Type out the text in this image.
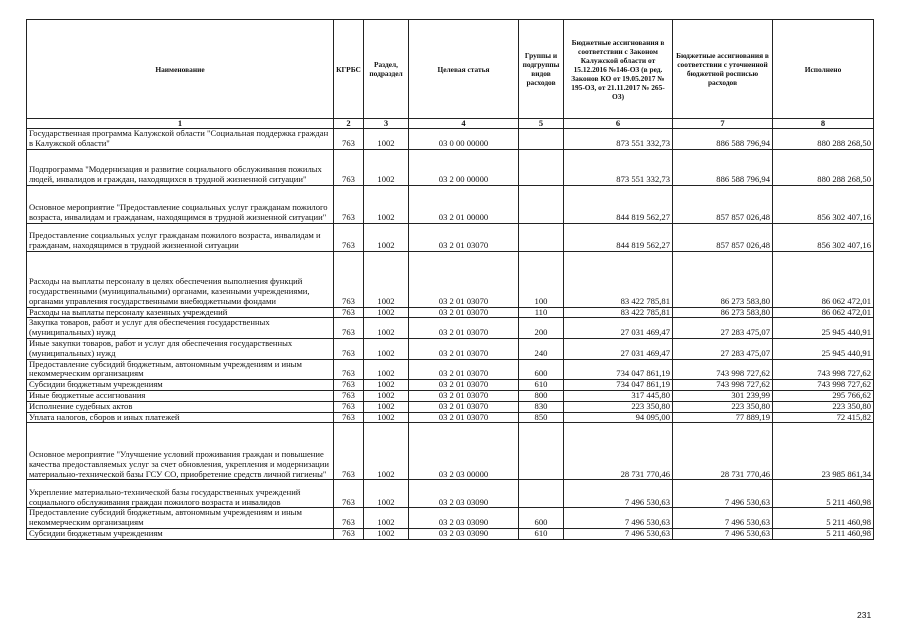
Наименование	КГРБС	Раздел, подраздел	Целевая статья	Группы и подгруппы видов расходов	Бюджетные ассигнования в соответствии с Законом Калужской области от 15.12.2016 №146-ОЗ (в ред. Законов КО от 19.05.2017 № 195-ОЗ, от 21.11.2017 № 265-ОЗ)	Бюджетные ассигнования в соответствии с уточненной бюджетной росписью расходов	Исполнено
1	2	3	4	5	6	7	8
Государственная программа Калужской области "Социальная поддержка граждан в Калужской области"	763	1002	03 0 00 00000		873 551 332,73	886 588 796,94	880 288 268,50
Подпрограмма "Модернизация и развитие социального обслуживания пожилых людей, инвалидов и граждан, находящихся в трудной жизненной ситуации"	763	1002	03 2 00 00000		873 551 332,73	886 588 796,94	880 288 268,50
Основное мероприятие "Предоставление социальных услуг гражданам пожилого возраста, инвалидам и гражданам, находящимся в трудной жизненной ситуации"	763	1002	03 2 01 00000		844 819 562,27	857 857 026,48	856 302 407,16
Предоставление социальных услуг гражданам пожилого возраста, инвалидам и гражданам, находящимся в трудной жизненной ситуации	763	1002	03 2 01 03070		844 819 562,27	857 857 026,48	856 302 407,16
Расходы на выплаты персоналу в целях обеспечения выполнения функций государственными (муниципальными) органами, казенными учреждениями, органами управления государственными внебюджетными фондами	763	1002	03 2 01 03070	100	83 422 785,81	86 273 583,80	86 062 472,01
Расходы на выплаты персоналу казенных учреждений	763	1002	03 2 01 03070	110	83 422 785,81	86 273 583,80	86 062 472,01
Закупка товаров, работ и услуг для обеспечения государственных (муниципальных) нужд	763	1002	03 2 01 03070	200	27 031 469,47	27 283 475,07	25 945 440,91
Иные закупки товаров, работ и услуг для обеспечения государственных (муниципальных) нужд	763	1002	03 2 01 03070	240	27 031 469,47	27 283 475,07	25 945 440,91
Предоставление субсидий бюджетным, автономным учреждениям и иным некоммерческим организациям	763	1002	03 2 01 03070	600	734 047 861,19	743 998 727,62	743 998 727,62
Субсидии бюджетным учреждениям	763	1002	03 2 01 03070	610	734 047 861,19	743 998 727,62	743 998 727,62
Иные бюджетные ассигнования	763	1002	03 2 01 03070	800	317 445,80	301 239,99	295 766,62
Исполнение судебных актов	763	1002	03 2 01 03070	830	223 350,80	223 350,80	223 350,80
Уплата налогов, сборов и иных платежей	763	1002	03 2 01 03070	850	94 095,00	77 889,19	72 415,82
Основное мероприятие "Улучшение условий проживания граждан и повышение качества предоставляемых услуг за счет обновления, укрепления и модернизации материально-технической базы ГСУ СО, приобретение средств личной гигиены"	763	1002	03 2 03 00000		28 731 770,46	28 731 770,46	23 985 861,34
Укрепление материально-технической базы государственных учреждений социального обслуживания граждан пожилого возраста и инвалидов	763	1002	03 2 03 03090		7 496 530,63	7 496 530,63	5 211 460,98
Предоставление субсидий бюджетным, автономным учреждениям и иным некоммерческим организациям	763	1002	03 2 03 03090	600	7 496 530,63	7 496 530,63	5 211 460,98
Субсидии бюджетным учреждениям	763	1002	03 2 03 03090	610	7 496 530,63	7 496 530,63	5 211 460,98
231
